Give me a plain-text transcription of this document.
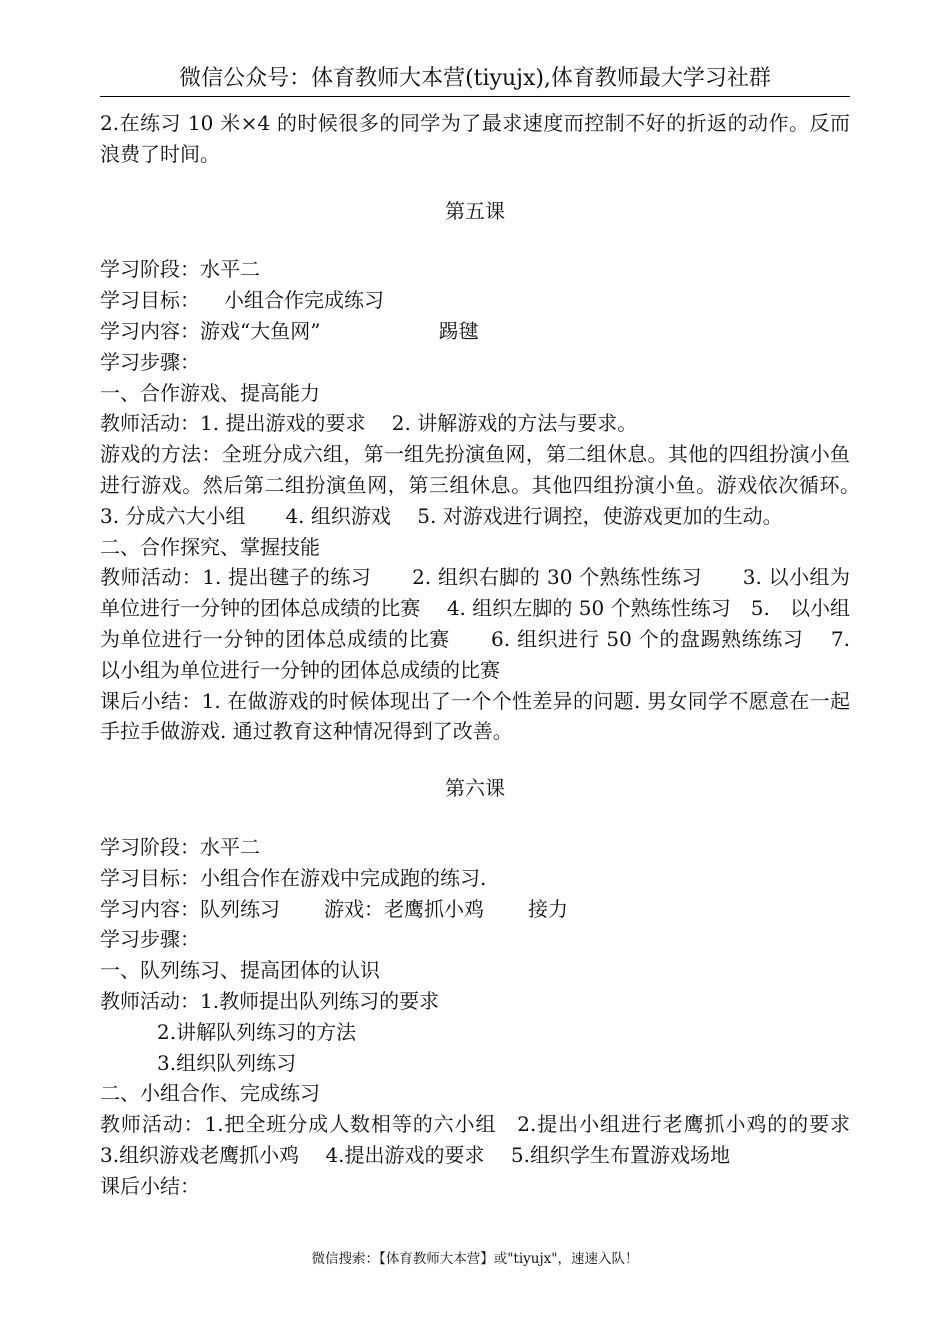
微信公众号：体育教师大本营(tiyujx),体育教师最大学习社群

2.在练习 10 米×4 的时候很多的同学为了最求速度而控制不好的折返的动作。反而浪费了时间。

第五课

学习阶段：水平二

学习目标： 小组合作完成练习

学习内容：游戏“大鱼网”	踢毽

学习步骤：

一、合作游戏、提高能力

教师活动：1. 提出游戏的要求　 2. 讲解游戏的方法与要求。

游戏的方法：全班分成六组，第一组先扮演鱼网，第二组休息。其他的四组扮演小鱼进行游戏。然后第二组扮演鱼网，第三组休息。其他四组扮演小鱼。游戏依次循环。　　3. 分成六大小组　　4. 组织游戏　 5. 对游戏进行调控，使游戏更加的生动。

二、合作探究、掌握技能

教师活动：1. 提出毽子的练习　　2. 组织右脚的 30 个熟练性练习　　3. 以小组为单位进行一分钟的团体总成绩的比赛　 4. 组织左脚的 50 个熟练性练习　5.　以小组为单位进行一分钟的团体总成绩的比赛　　6. 组织进行 50 个的盘踢熟练练习　 7.　以小组为单位进行一分钟的团体总成绩的比赛

课后小结：1. 在做游戏的时候体现出了一个个性差异的问题. 男女同学不愿意在一起手拉手做游戏. 通过教育这种情况得到了改善。

第六课

学习阶段：水平二

学习目标：小组合作在游戏中完成跑的练习.

学习内容：队列练习 游戏：老鹰抓小鸡 接力

学习步骤：

一、队列练习、提高团体的认识

教师活动：1.教师提出队列练习的要求

2.讲解队列练习的方法

3.组织队列练习

二、小组合作、完成练习

教师活动：1.把全班分成人数相等的六小组　2.提出小组进行老鹰抓小鸡的的要求　　3.组织游戏老鹰抓小鸡　 4.提出游戏的要求　 5.组织学生布置游戏场地

课后小结：

微信搜索：【体育教师大本营】或"tiyujx"，速速入队！
